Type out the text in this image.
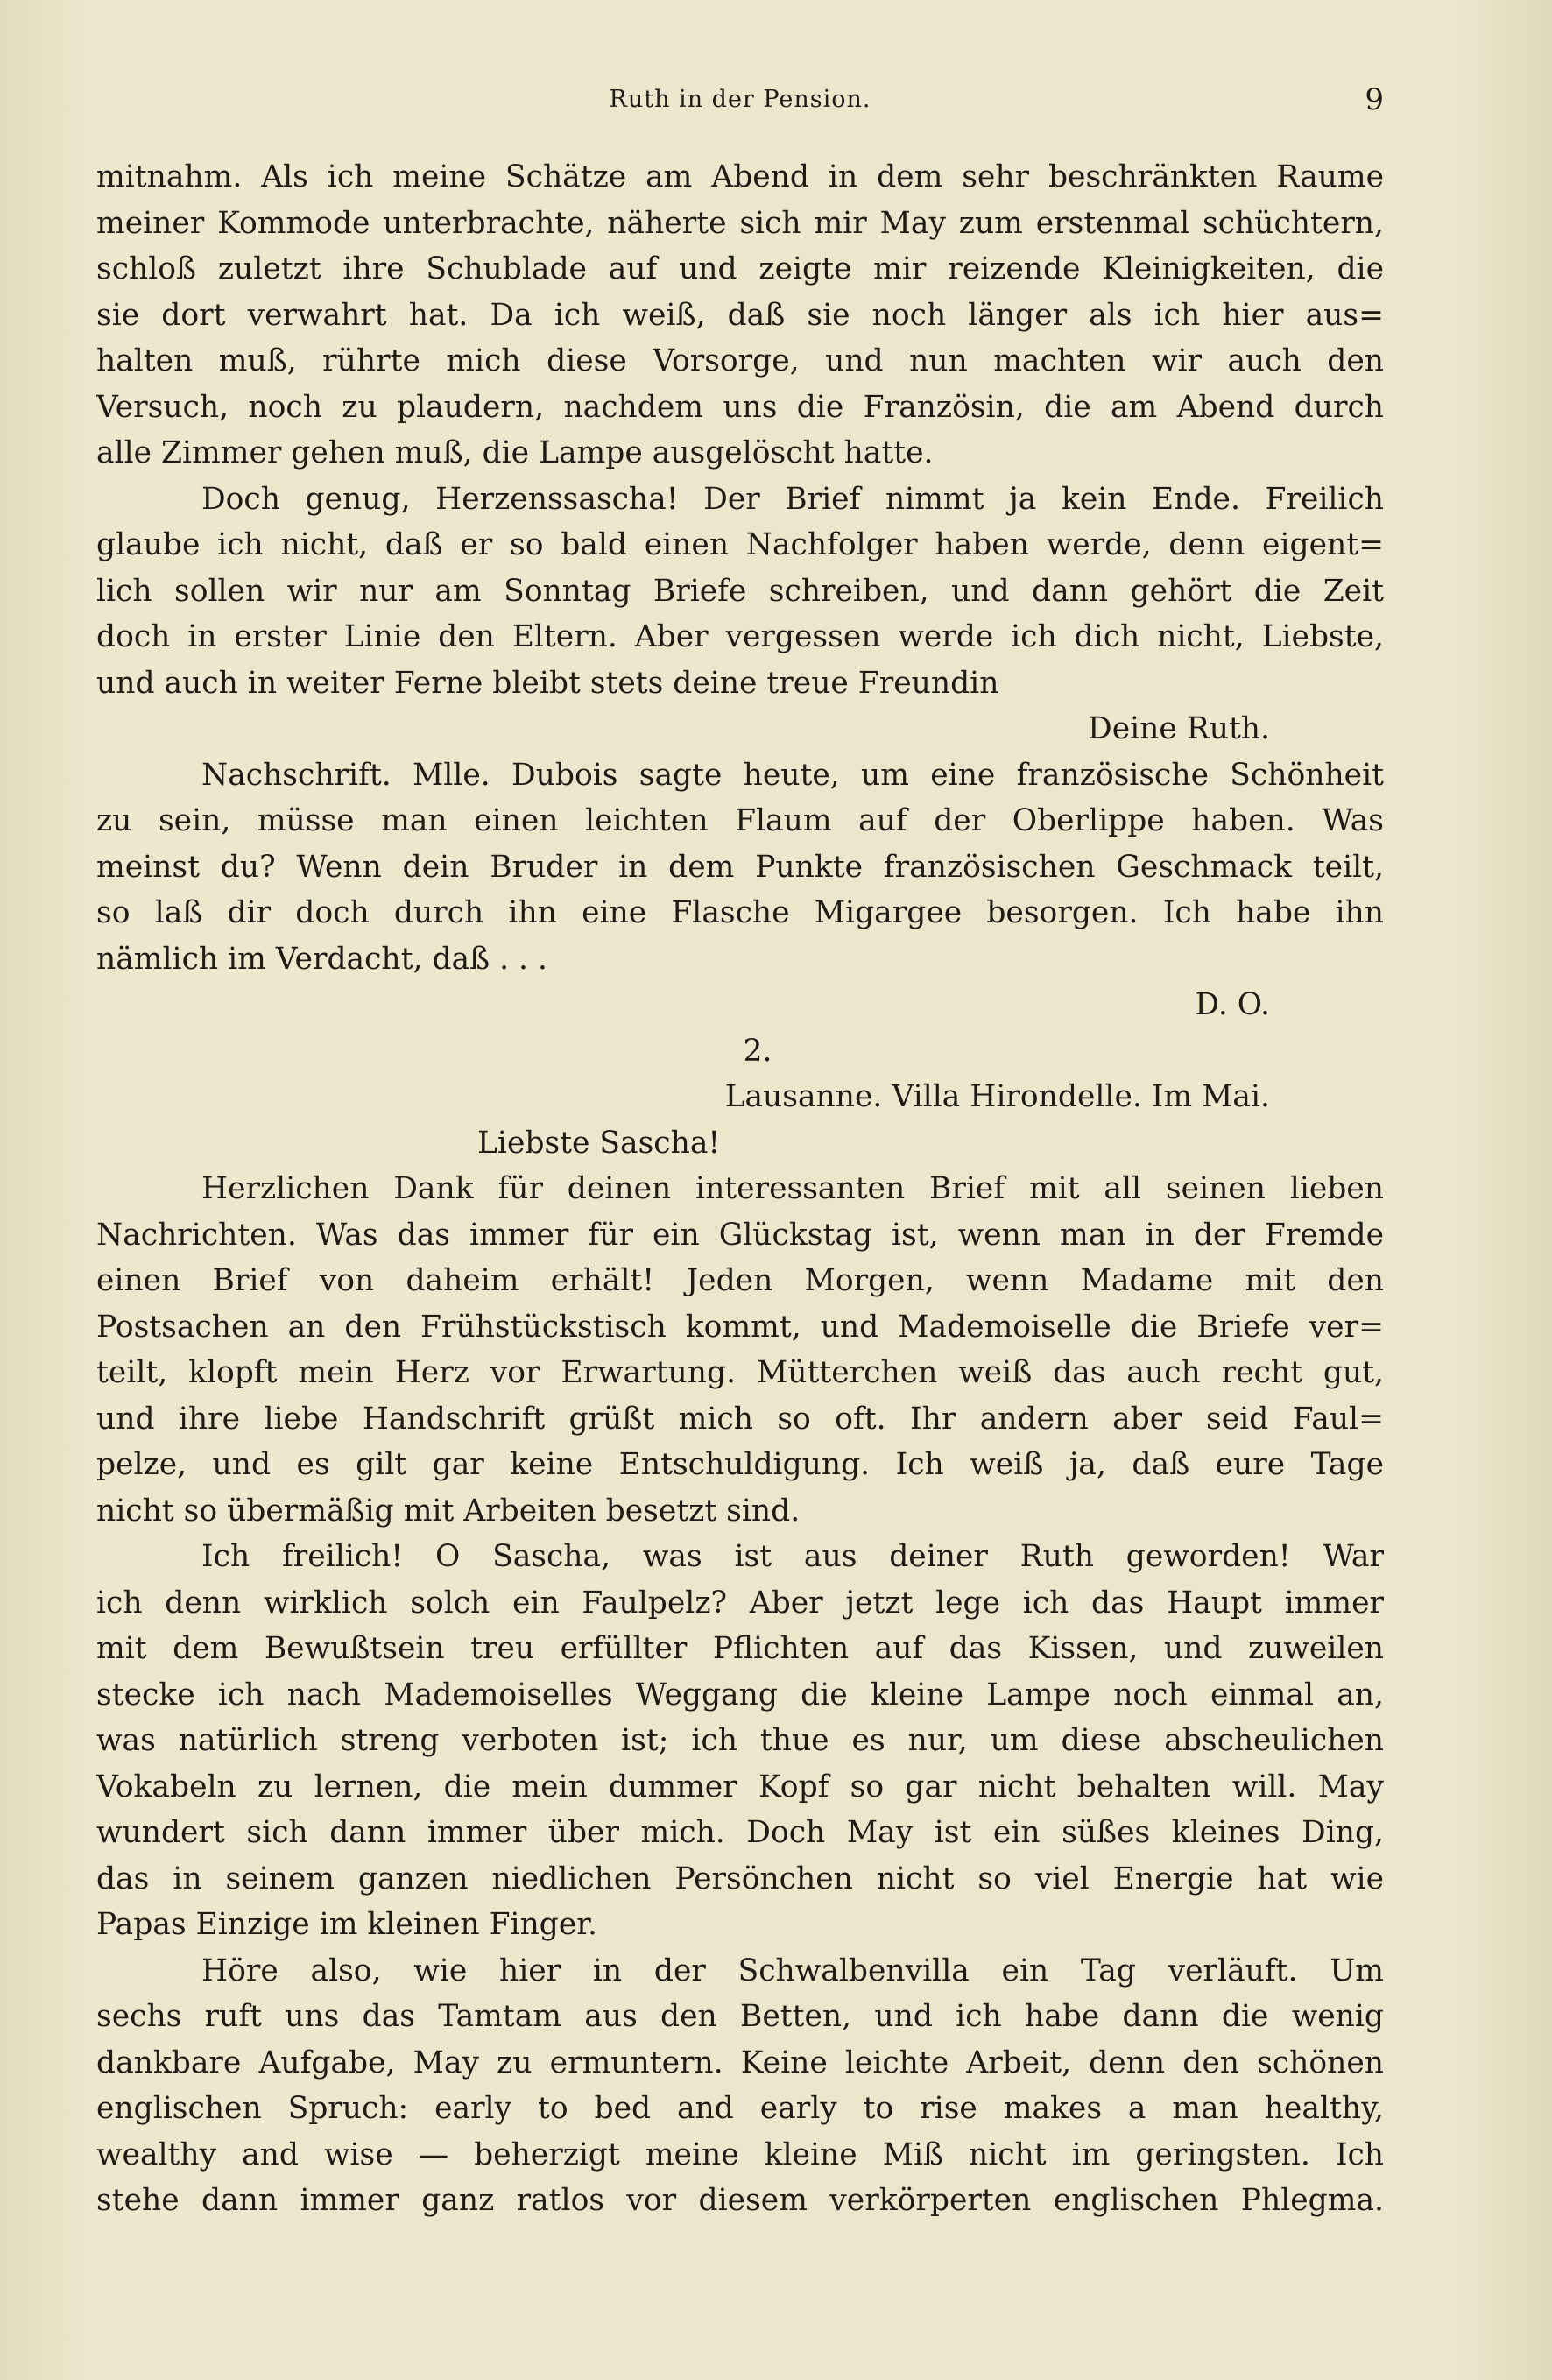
Ruth in der Pension.	9
mitnahm. Als ich meine Schätze am Abend in dem sehr beschränkten Raume
meiner Kommode unterbrachte, näherte sich mir May zum erstenmal schüchtern,
schloß zuletzt ihre Schublade auf und zeigte mir reizende Kleinigkeiten, die
sie dort verwahrt hat. Da ich weiß, daß sie noch länger als ich hier aus=
halten muß, rührte mich diese Vorsorge, und nun machten wir auch den
Versuch, noch zu plaudern, nachdem uns die Französin, die am Abend durch
alle Zimmer gehen muß, die Lampe ausgelöscht hatte.
Doch genug, Herzenssascha! Der Brief nimmt ja kein Ende. Freilich
glaube ich nicht, daß er so bald einen Nachfolger haben werde, denn eigent=
lich sollen wir nur am Sonntag Briefe schreiben, und dann gehört die Zeit
doch in erster Linie den Eltern. Aber vergessen werde ich dich nicht, Liebste,
und auch in weiter Ferne bleibt stets deine treue Freundin
Deine Ruth.
Nachschrift. Mlle. Dubois sagte heute, um eine französische Schönheit
zu sein, müsse man einen leichten Flaum auf der Oberlippe haben. Was
meinst du? Wenn dein Bruder in dem Punkte französischen Geschmack teilt,
so laß dir doch durch ihn eine Flasche Migargee besorgen. Ich habe ihn
nämlich im Verdacht, daß . . .
D. O.
2.
Lausanne. Villa Hirondelle. Im Mai.
Liebste Sascha!
Herzlichen Dank für deinen interessanten Brief mit all seinen lieben
Nachrichten. Was das immer für ein Glückstag ist, wenn man in der Fremde
einen Brief von daheim erhält! Jeden Morgen, wenn Madame mit den
Postsachen an den Frühstückstisch kommt, und Mademoiselle die Briefe ver=
teilt, klopft mein Herz vor Erwartung. Mütterchen weiß das auch recht gut,
und ihre liebe Handschrift grüßt mich so oft. Ihr andern aber seid Faul=
pelze, und es gilt gar keine Entschuldigung. Ich weiß ja, daß eure Tage
nicht so übermäßig mit Arbeiten besetzt sind.
Ich freilich! O Sascha, was ist aus deiner Ruth geworden! War
ich denn wirklich solch ein Faulpelz? Aber jetzt lege ich das Haupt immer
mit dem Bewußtsein treu erfüllter Pflichten auf das Kissen, und zuweilen
stecke ich nach Mademoiselles Weggang die kleine Lampe noch einmal an,
was natürlich streng verboten ist; ich thue es nur, um diese abscheulichen
Vokabeln zu lernen, die mein dummer Kopf so gar nicht behalten will. May
wundert sich dann immer über mich. Doch May ist ein süßes kleines Ding,
das in seinem ganzen niedlichen Persönchen nicht so viel Energie hat wie
Papas Einzige im kleinen Finger.
Höre also, wie hier in der Schwalbenvilla ein Tag verläuft. Um
sechs ruft uns das Tamtam aus den Betten, und ich habe dann die wenig
dankbare Aufgabe, May zu ermuntern. Keine leichte Arbeit, denn den schönen
englischen Spruch: early to bed and early to rise makes a man healthy,
wealthy and wise — beherzigt meine kleine Miß nicht im geringsten. Ich
stehe dann immer ganz ratlos vor diesem verkörperten englischen Phlegma.
